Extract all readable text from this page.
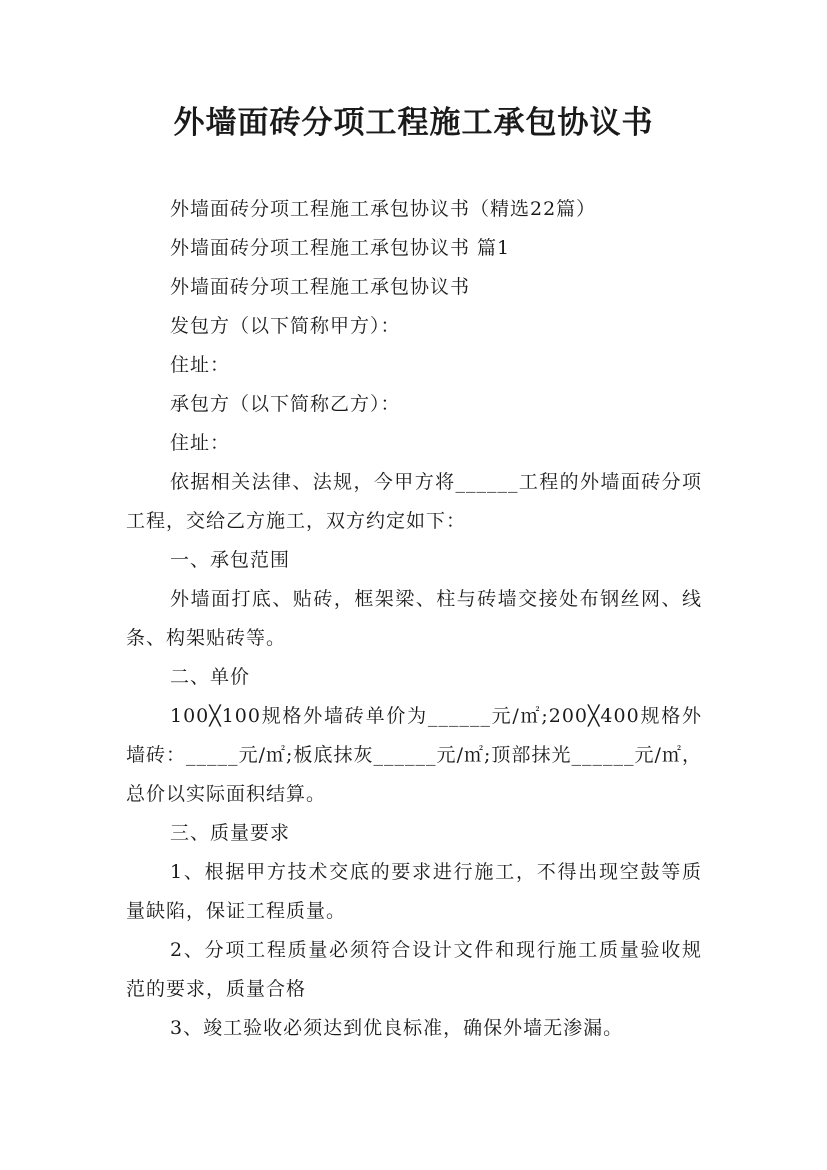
外墙面砖分项工程施工承包协议书

外墙面砖分项工程施工承包协议书（精选22篇）

外墙面砖分项工程施工承包协议书 篇1

外墙面砖分项工程施工承包协议书

发包方（以下简称甲方）：

住址：

承包方（以下简称乙方）：

住址：

依据相关法律、法规，今甲方将______工程的外墙面砖分项工程，交给乙方施工，双方约定如下：

一、承包范围

外墙面打底、贴砖，框架梁、柱与砖墙交接处布钢丝网、线条、构架贴砖等。

二、单价

100╳100规格外墙砖单价为______元/㎡;200╳400规格外墙砖：_____元/㎡;板底抹灰______元/㎡;顶部抹光______元/㎡，总价以实际面积结算。

三、质量要求

1、根据甲方技术交底的要求进行施工，不得出现空鼓等质量缺陷，保证工程质量。

2、分项工程质量必须符合设计文件和现行施工质量验收规范的要求，质量合格

3、竣工验收必须达到优良标准，确保外墙无渗漏。
